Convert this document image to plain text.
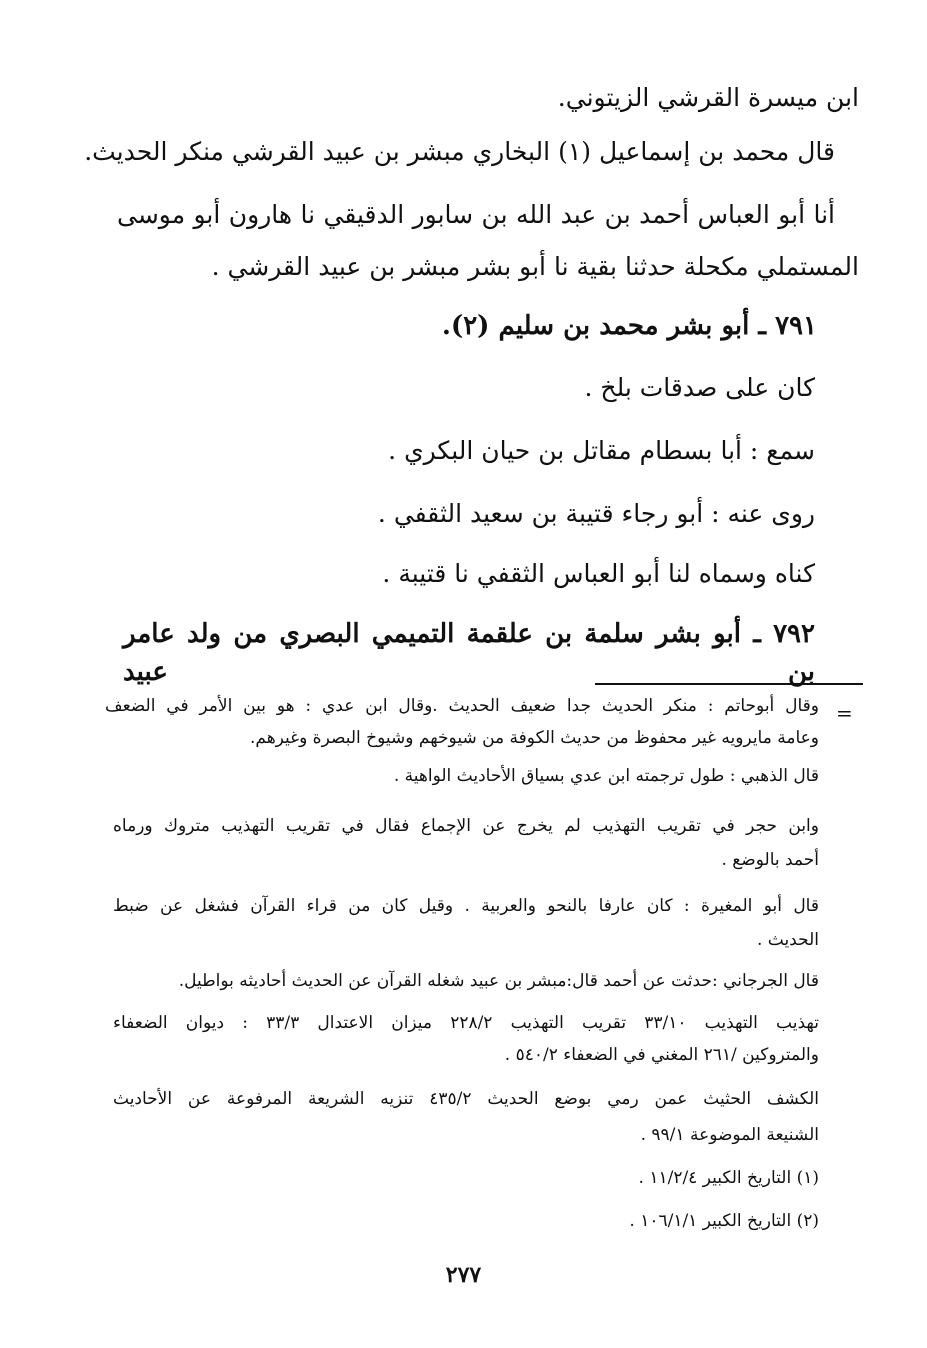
ابن ميسرة القرشي الزيتوني.
قال محمد بن إسماعيل (١) البخاري مبشر بن عبيد القرشي منكر الحديث.
أنا أبو العباس أحمد بن عبد الله بن سابور الدقيقي نا هارون أبو موسى
المستملي مكحلة حدثنا بقية نا أبو بشر مبشر بن عبيد القرشي .
٧٩١ ـ أبو بشر محمد بن سليم (٢).
كان على صدقات بلخ .
سمع : أبا بسطام مقاتل بن حيان البكري .
روى عنه : أبو رجاء قتيبة بن سعيد الثقفي .
كناه وسماه لنا أبو العباس الثقفي نا قتيبة .
٧٩٢ ـ أبو بشر سلمة بن علقمة التميمي البصري من ولد عامر بن عبيد
=
وقال أبوحاتم : منكر الحديث جدا ضعيف الحديث .وقال ابن عدي : هو بين الأمر في الضعف
وعامة مايرويه غير محفوظ من حديث الكوفة من شيوخهم وشيوخ البصرة وغيرهم.
قال الذهبي : طول ترجمته ابن عدي بسياق الأحاديث الواهية .
وابن حجر في تقريب التهذيب لم يخرج عن الإجماع فقال في تقريب التهذيب متروك ورماه
أحمد بالوضع .
قال أبو المغيرة : كان عارفا بالنحو والعربية . وقيل كان من قراء القرآن فشغل عن ضبط
الحديث .
قال الجرجاني :حدثت عن أحمد قال:مبشر بن عبيد شغله القرآن عن الحديث أحاديثه بواطيل.
تهذيب التهذيب ٣٣/١٠ تقريب التهذيب ٢٢٨/٢ ميزان الاعتدال ٣٣/٣ : ديوان الضعفاء
والمتروكين /٢٦١ المغني في الضعفاء ٥٤٠/٢ .
الكشف الحثيث عمن رمي بوضع الحديث ٤٣٥/٢ تنزيه الشريعة المرفوعة عن الأحاديث
الشنيعة الموضوعة ٩٩/١ .
(١) التاريخ الكبير ١١/٢/٤ .
(٢) التاريخ الكبير ١٠٦/١/١ .
٢٧٧
